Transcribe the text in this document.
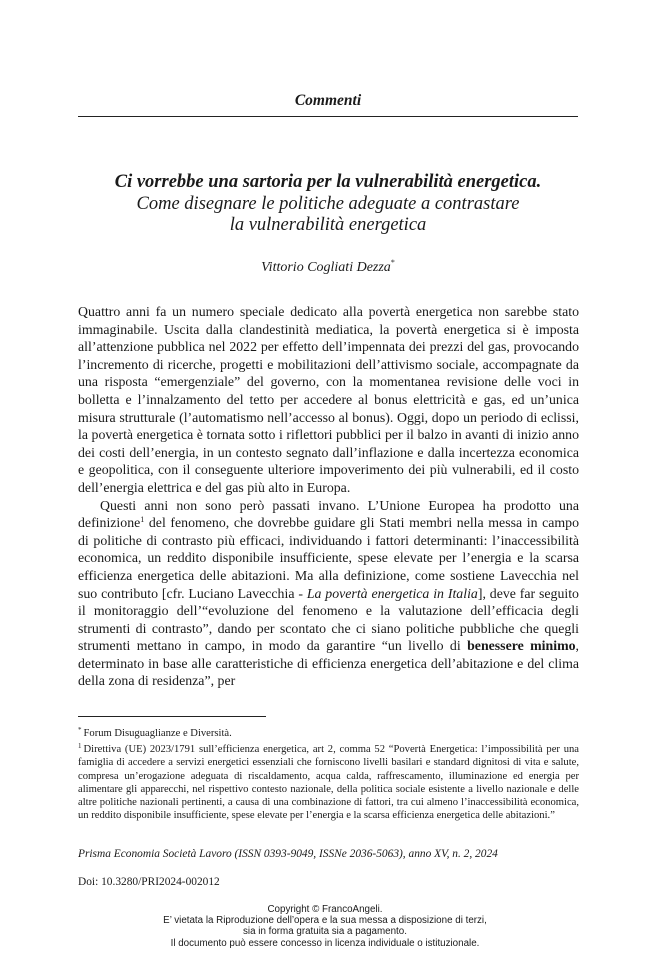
Commenti
Ci vorrebbe una sartoria per la vulnerabilità energetica.
Come disegnare le politiche adeguate a contrastare
la vulnerabilità energetica
Vittorio Cogliati Dezza*

Quattro anni fa un numero speciale dedicato alla povertà energetica non sarebbe stato immaginabile. Uscita dalla clandestinità mediatica, la povertà energetica si è imposta all’attenzione pubblica nel 2022 per effetto dell’impennata dei prezzi del gas, provocando l’incremento di ricerche, progetti e mobilitazioni dell’attivismo sociale, accompagnate da una risposta “emergenziale” del governo, con la momentanea revisione delle voci in bolletta e l’innalzamento del tetto per accedere al bonus elettricità e gas, ed un’unica misura strutturale (l’automatismo nell’accesso al bonus). Oggi, dopo un periodo di eclissi, la povertà energetica è tornata sotto i riflettori pubblici per il balzo in avanti di inizio anno dei costi dell’energia, in un contesto segnato dall’inflazione e dalla incertezza economica e geopolitica, con il conseguente ulteriore impoverimento dei più vulnerabili, ed il costo dell’energia elettrica e del gas più alto in Europa.

Questi anni non sono però passati invano. L’Unione Europea ha prodotto una definizione$^1$ del fenomeno, che dovrebbe guidare gli Stati membri nella messa in campo di politiche di contrasto più efficaci, individuando i fattori determinanti: l’inaccessibilità economica, un reddito disponibile insufficiente, spese elevate per l’energia e la scarsa efficienza energetica delle abitazioni. Ma alla definizione, come sostiene Lavecchia nel suo contributo [cfr. Luciano Lavecchia - La povertà energetica in Italia], deve far seguito il monitoraggio dell’“evoluzione del fenomeno e la valutazione dell’efficacia degli strumenti di contrasto”, dando per scontato che ci siano politiche pubbliche che quegli strumenti mettano in campo, in modo da garantire “un livello di benessere minimo, determinato in base alle caratteristiche di efficienza energetica dell’abitazione e del clima della zona di residenza”, per

* Forum Disuguaglianze e Diversità.

$^1$ Direttiva (UE) 2023/1791 sull’efficienza energetica, art 2, comma 52 “Povertà Energetica: l’impossibilità per una famiglia di accedere a servizi energetici essenziali che forniscono livelli basilari e standard dignitosi di vita e salute, compresa un’erogazione adeguata di riscaldamento, acqua calda, raffrescamento, illuminazione ed energia per alimentare gli apparecchi, nel rispettivo contesto nazionale, della politica sociale esistente a livello nazionale e delle altre politiche nazionali pertinenti, a causa di una combinazione di fattori, tra cui almeno l’inaccessibilità economica, un reddito disponibile insufficiente, spese elevate per l’energia e la scarsa efficienza energetica delle abitazioni.”

Prisma Economia Società Lavoro (ISSN 0393-9049, ISSNe 2036-5063), anno XV, n. 2, 2024
Doi: 10.3280/PRI2024-002012
Copyright © FrancoAngeli.
E’ vietata la Riproduzione dell’opera e la sua messa a disposizione di terzi,
sia in forma gratuita sia a pagamento.
Il documento può essere concesso in licenza individuale o istituzionale.
